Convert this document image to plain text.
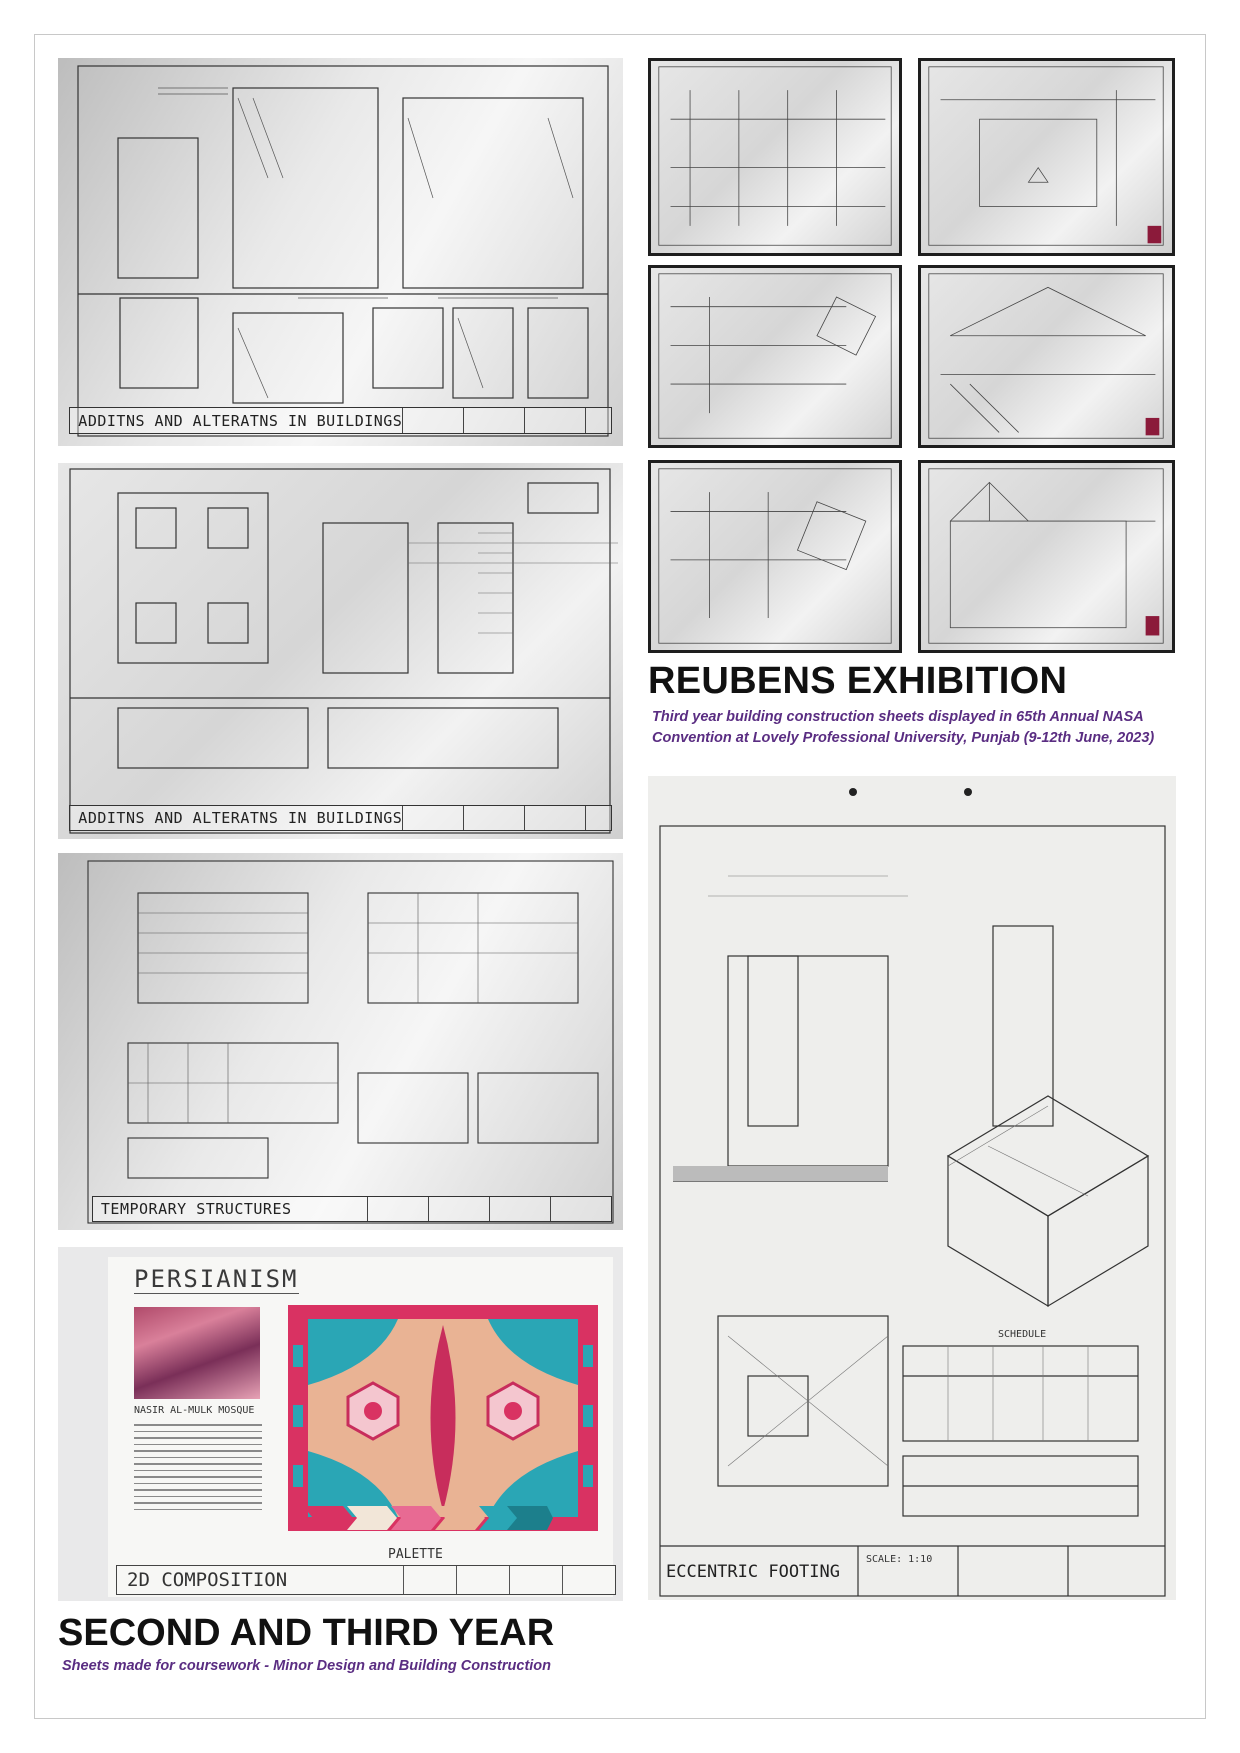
ADDITNS AND ALTERATNS IN BUILDINGS
ADDITNS AND ALTERATNS IN BUILDINGS
TEMPORARY STRUCTURES
PERSIANISM
NASIR AL-MULK MOSQUE
PALETTE
2D COMPOSITION
REUBENS EXHIBITION
Third year building construction sheets displayed in 65th Annual NASA Convention at Lovely Professional University, Punjab (9-12th June, 2023)
SCHEDULE
ECCENTRIC FOOTING
SCALE: 1:10
SECOND AND THIRD YEAR
Sheets made for coursework - Minor Design and Building Construction
